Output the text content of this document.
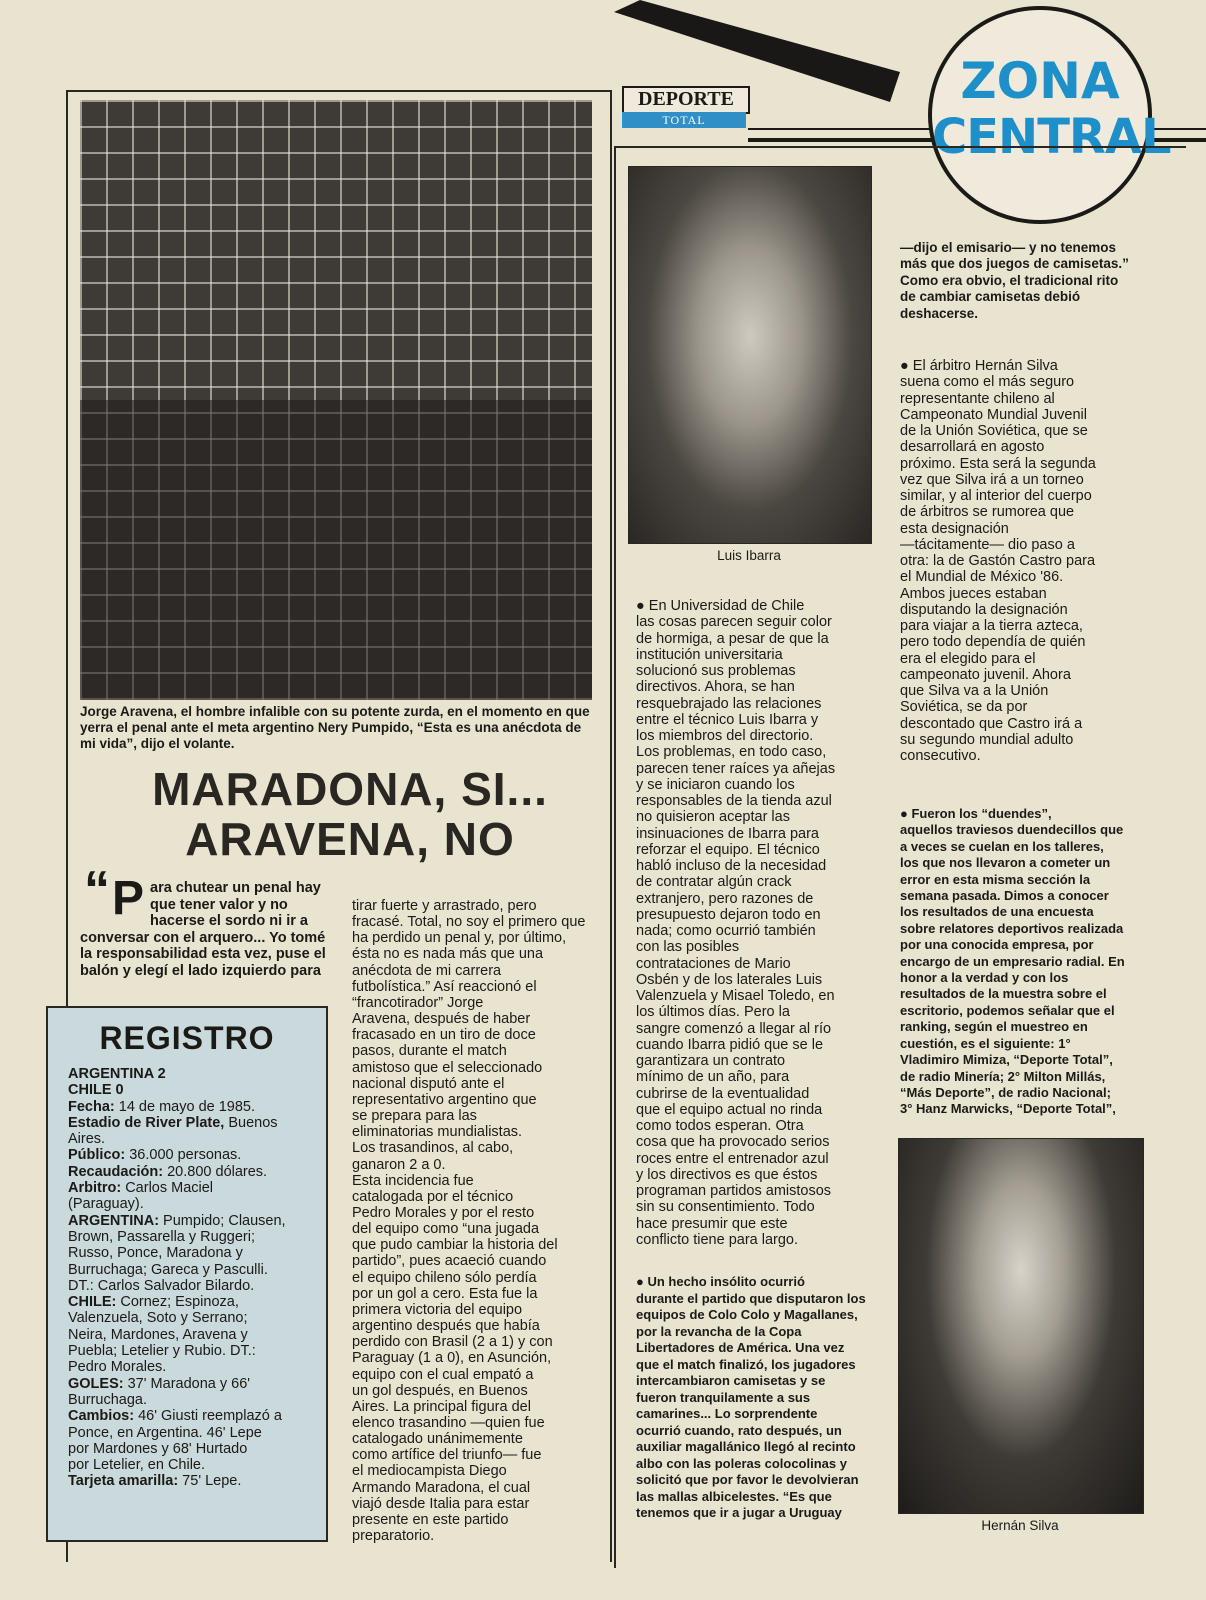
DEPORTE
TOTAL
ZONA
CENTRAL
Jorge Aravena, el hombre infalible con su potente zurda, en el momento en que yerra el penal ante el meta argentino Nery Pumpido, “Esta es una anécdota de mi vida”, dijo el volante.
MARADONA, SI...
ARAVENA, NO
“ P ara chutear un penal hay

que tener valor y no

hacerse el sordo ni ir a

conversar con el arquero... Yo tomé

la responsabilidad esta vez, puse el

balón y elegí el lado izquierdo para

REGISTRO

ARGENTINA 2

CHILE 0

Fecha: 14 de mayo de 1985.

Estadio de River Plate, Buenos

Aires.

Público: 36.000 personas.

Recaudación: 20.800 dólares.

Arbitro: Carlos Maciel

(Paraguay).

ARGENTINA: Pumpido; Clausen,

Brown, Passarella y Ruggeri;

Russo, Ponce, Maradona y

Burruchaga; Gareca y Pasculli.

DT.: Carlos Salvador Bilardo.

CHILE: Cornez; Espinoza,

Valenzuela, Soto y Serrano;

Neira, Mardones, Aravena y

Puebla; Letelier y Rubio. DT.:

Pedro Morales.

GOLES: 37' Maradona y 66'

Burruchaga.

Cambios: 46' Giusti reemplazó a

Ponce, en Argentina. 46' Lepe

por Mardones y 68' Hurtado

por Letelier, en Chile.

Tarjeta amarilla: 75' Lepe.

tirar fuerte y arrastrado, pero

fracasé. Total, no soy el primero que

ha perdido un penal y, por último,

ésta no es nada más que una

anécdota de mi carrera

futbolística.” Así reaccionó el

“francotirador” Jorge

Aravena, después de haber

fracasado en un tiro de doce

pasos, durante el match

amistoso que el seleccionado

nacional disputó ante el

representativo argentino que

se prepara para las

eliminatorias mundialistas.

Los trasandinos, al cabo,

ganaron 2 a 0.

Esta incidencia fue

catalogada por el técnico

Pedro Morales y por el resto

del equipo como “una jugada

que pudo cambiar la historia del

partido”, pues acaeció cuando

el equipo chileno sólo perdía

por un gol a cero. Esta fue la

primera victoria del equipo

argentino después que había

perdido con Brasil (2 a 1) y con

Paraguay (1 a 0), en Asunción,

equipo con el cual empató a

un gol después, en Buenos

Aires. La principal figura del

elenco trasandino —quien fue

catalogado unánimemente

como artífice del triunfo— fue

el mediocampista Diego

Armando Maradona, el cual

viajó desde Italia para estar

presente en este partido

preparatorio.

Luis Ibarra

● En Universidad de Chile

las cosas parecen seguir color

de hormiga, a pesar de que la

institución universitaria

solucionó sus problemas

directivos. Ahora, se han

resquebrajado las relaciones

entre el técnico Luis Ibarra y

los miembros del directorio.

Los problemas, en todo caso,

parecen tener raíces ya añejas

y se iniciaron cuando los

responsables de la tienda azul

no quisieron aceptar las

insinuaciones de Ibarra para

reforzar el equipo. El técnico

habló incluso de la necesidad

de contratar algún crack

extranjero, pero razones de

presupuesto dejaron todo en

nada; como ocurrió también

con las posibles

contrataciones de Mario

Osbén y de los laterales Luis

Valenzuela y Misael Toledo, en

los últimos días. Pero la

sangre comenzó a llegar al río

cuando Ibarra pidió que se le

garantizara un contrato

mínimo de un año, para

cubrirse de la eventualidad

que el equipo actual no rinda

como todos esperan. Otra

cosa que ha provocado serios

roces entre el entrenador azul

y los directivos es que éstos

programan partidos amistosos

sin su consentimiento. Todo

hace presumir que este

conflicto tiene para largo.

● Un hecho insólito ocurrió

durante el partido que disputaron los

equipos de Colo Colo y Magallanes,

por la revancha de la Copa

Libertadores de América. Una vez

que el match finalizó, los jugadores

intercambiaron camisetas y se

fueron tranquilamente a sus

camarines... Lo sorprendente

ocurrió cuando, rato después, un

auxiliar magallánico llegó al recinto

albo con las poleras colocolinas y

solicitó que por favor le devolvieran

las mallas albicelestes. “Es que

tenemos que ir a jugar a Uruguay

—dijo el emisario— y no tenemos

más que dos juegos de camisetas.”

Como era obvio, el tradicional rito

de cambiar camisetas debió

deshacerse.

● El árbitro Hernán Silva

suena como el más seguro

representante chileno al

Campeonato Mundial Juvenil

de la Unión Soviética, que se

desarrollará en agosto

próximo. Esta será la segunda

vez que Silva irá a un torneo

similar, y al interior del cuerpo

de árbitros se rumorea que

esta designación

—tácitamente— dio paso a

otra: la de Gastón Castro para

el Mundial de México '86.

Ambos jueces estaban

disputando la designación

para viajar a la tierra azteca,

pero todo dependía de quién

era el elegido para el

campeonato juvenil. Ahora

que Silva va a la Unión

Soviética, se da por

descontado que Castro irá a

su segundo mundial adulto

consecutivo.

● Fueron los “duendes”,

aquellos traviesos duendecillos que

a veces se cuelan en los talleres,

los que nos llevaron a cometer un

error en esta misma sección la

semana pasada. Dimos a conocer

los resultados de una encuesta

sobre relatores deportivos realizada

por una conocida empresa, por

encargo de un empresario radial. En

honor a la verdad y con los

resultados de la muestra sobre el

escritorio, podemos señalar que el

ranking, según el muestreo en

cuestión, es el siguiente: 1°

Vladimiro Mimiza, “Deporte Total”,

de radio Minería; 2° Milton Millás,

“Más Deporte”, de radio Nacional;

3° Hanz Marwicks, “Deporte Total”,

Hernán Silva
